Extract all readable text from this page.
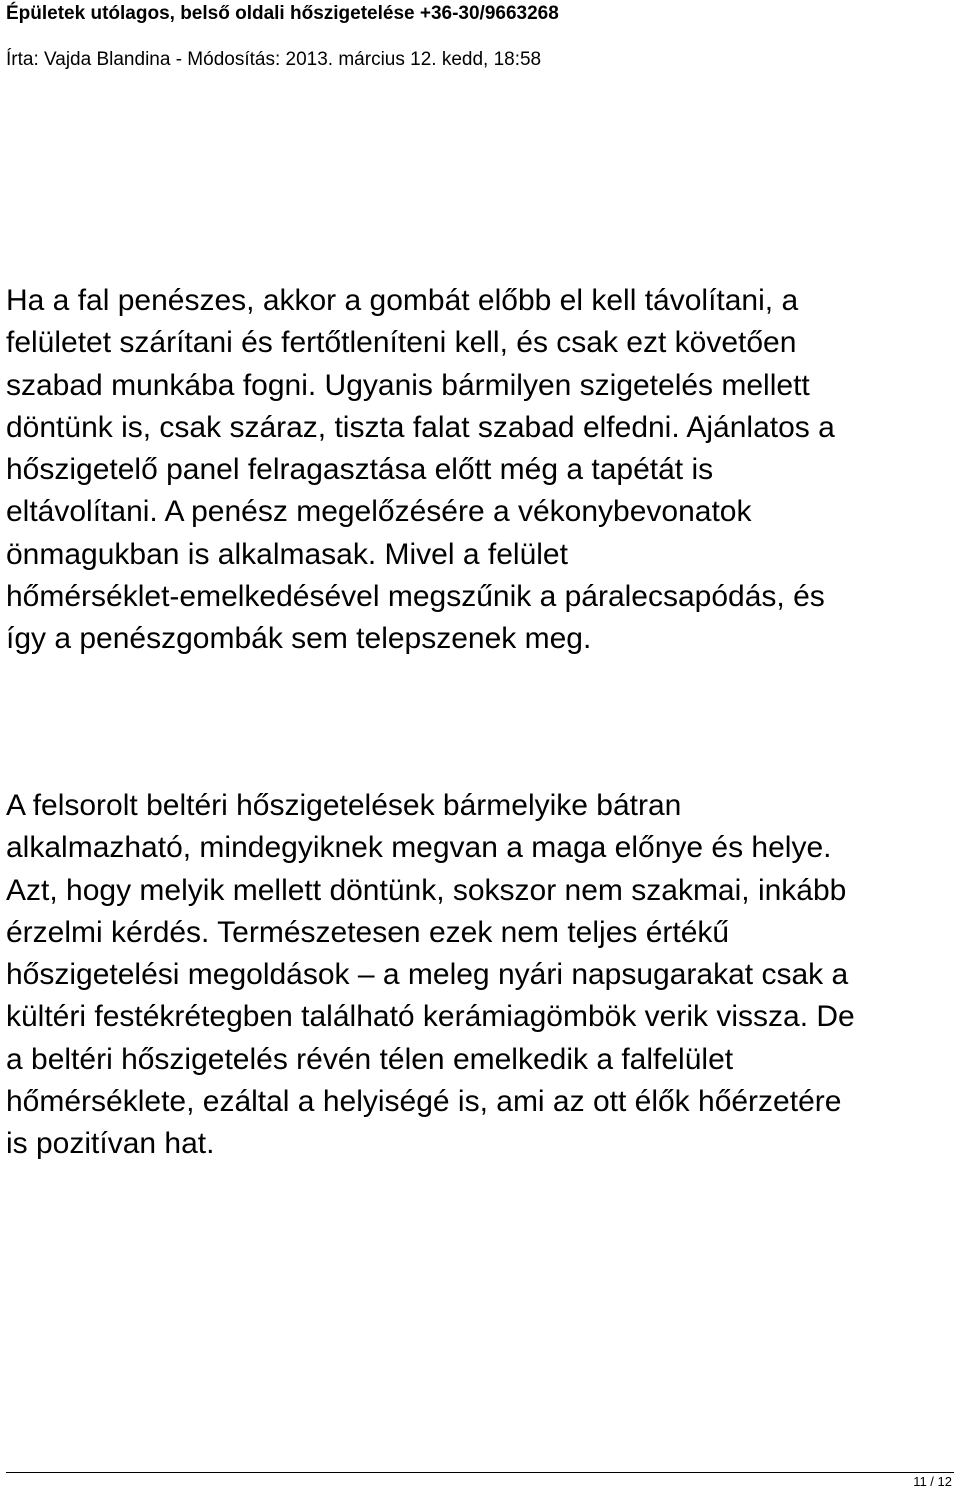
Épületek utólagos, belső oldali hőszigetelése +36-30/9663268
Írta: Vajda Blandina - Módosítás: 2013. március 12. kedd, 18:58

Ha a fal penészes, akkor a gombát előbb el kell távolítani, a
felületet szárítani és fertőtleníteni kell, és csak ezt követően
szabad munkába fogni. Ugyanis bármilyen szigetelés mellett
döntünk is, csak száraz, tiszta falat szabad elfedni. Ajánlatos a
hőszigetelő panel felragasztása előtt még a tapétát is
eltávolítani. A penész megelőzésére a vékonybevonatok
önmagukban is alkalmasak. Mivel a felület
hőmérséklet-emelkedésével megszűnik a páralecsapódás, és
így a penészgombák sem telepszenek meg.

A felsorolt beltéri hőszigetelések bármelyike bátran
alkalmazható, mindegyiknek megvan a maga előnye és helye.
Azt, hogy melyik mellett döntünk, sokszor nem szakmai, inkább
érzelmi kérdés. Természetesen ezek nem teljes értékű
hőszigetelési megoldások – a meleg nyári napsugarakat csak a
kültéri festékrétegben található kerámiagömbök verik vissza. De
a beltéri hőszigetelés révén télen emelkedik a falfelület
hőmérséklete, ezáltal a helyiségé is, ami az ott élők hőérzetére
is pozitívan hat.

11 / 12
